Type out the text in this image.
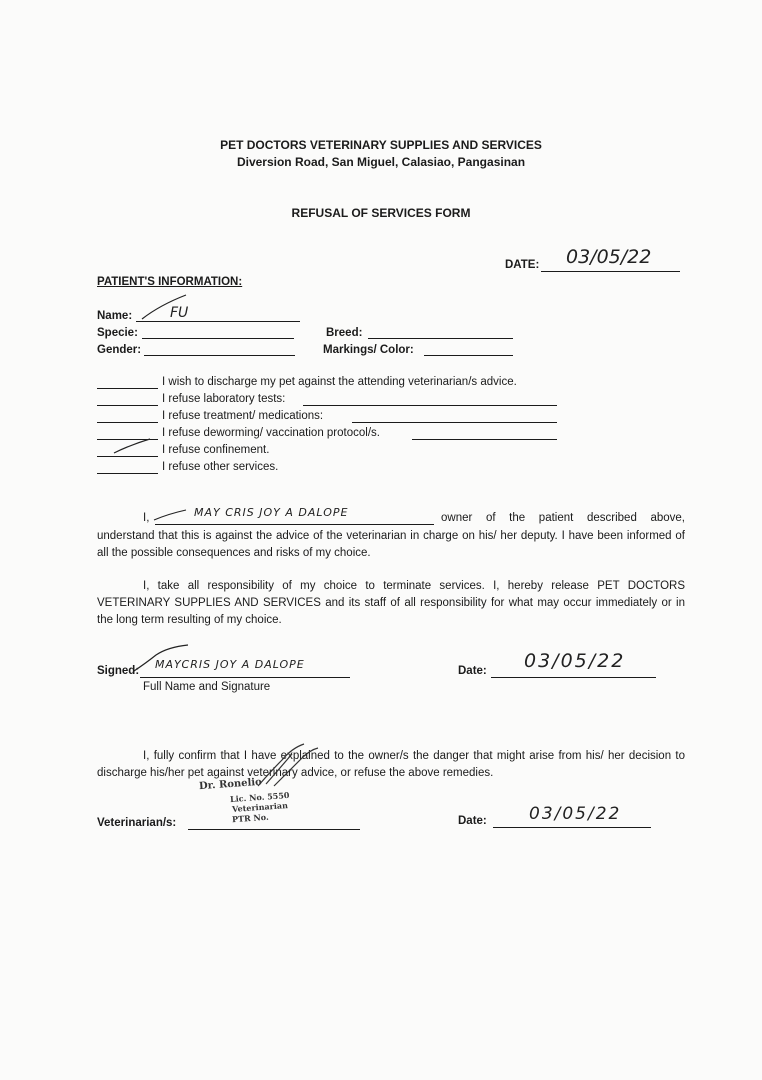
PET DOCTORS VETERINARY SUPPLIES AND SERVICES
Diversion Road, San Miguel, Calasiao, Pangasinan
REFUSAL OF SERVICES FORM
DATE: 03/05/22
PATIENT'S INFORMATION:
Name:	FU
Specie:	Breed:
Gender:	Markings/ Color:
I wish to discharge my pet against the attending veterinarian/s advice.
I refuse laboratory tests:
I refuse treatment/ medications:
I refuse deworming/ vaccination protocol/s.
I refuse confinement.
I refuse other services.
I,	MAY CRIS JOY A DALOPE	owner of the patient described above,
understand that this is against the advice of the veterinarian in charge on his/ her deputy. I have been informed of all the possible consequences and risks of my choice.
I, take all responsibility of my choice to terminate services. I, hereby release PET DOCTORS VETERINARY SUPPLIES AND SERVICES and its staff of all responsibility for what may occur immediately or in the long term resulting of my choice.
Signed: MAYCRIS JOY A DALOPE
Full Name and Signature
Date: 03/05/22
I, fully confirm that I have explained to the owner/s the danger that might arise from his/ her decision to discharge his/her pet against veterinary advice, or refuse the above remedies.
Dr. Ronelio
Lic. No. 5550
Veterinarian
PTR No.
Veterinarian/s:	Date: 03/05/22
